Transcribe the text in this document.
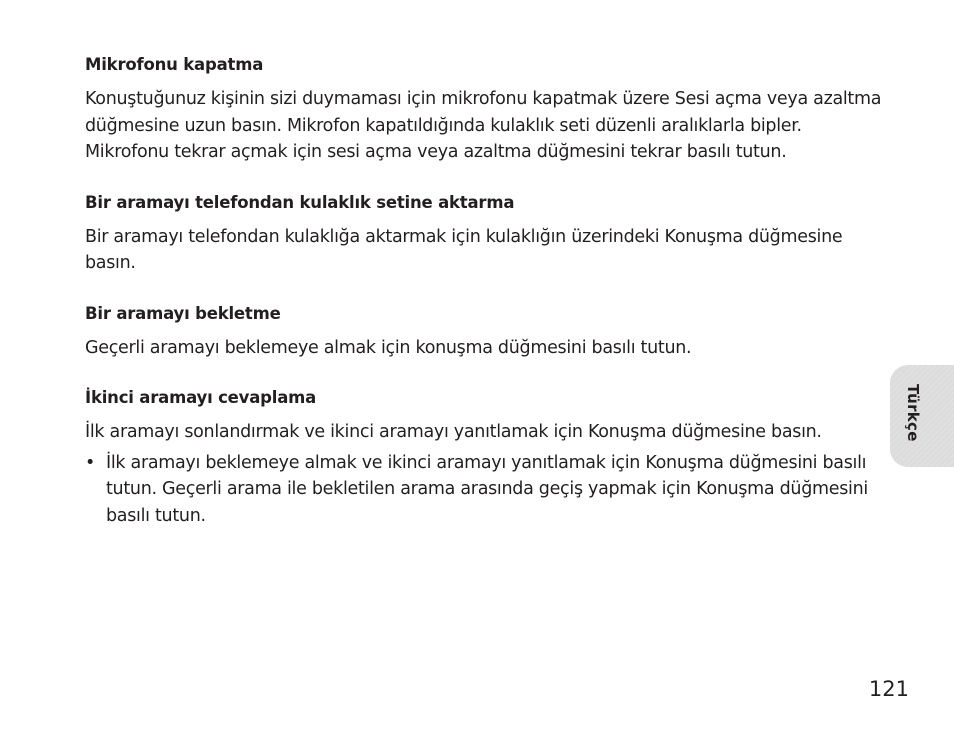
Mikrofonu kapatma

Konuştuğunuz kişinin sizi duymaması için mikrofonu kapatmak üzere Sesi açma veya azaltma düğmesine uzun basın. Mikrofon kapatıldığında kulaklık seti düzenli aralıklarla bipler. Mikrofonu tekrar açmak için sesi açma veya azaltma düğmesini tekrar basılı tutun.

Bir aramayı telefondan kulaklık setine aktarma

Bir aramayı telefondan kulaklığa aktarmak için kulaklığın üzerindeki Konuşma düğmesine basın.

Bir aramayı bekletme

Geçerli aramayı beklemeye almak için konuşma düğmesini basılı tutun.

İkinci aramayı cevaplama

İlk aramayı sonlandırmak ve ikinci aramayı yanıtlamak için Konuşma düğmesine basın.

• İlk aramayı beklemeye almak ve ikinci aramayı yanıtlamak için Konuşma düğmesini basılı tutun. Geçerli arama ile bekletilen arama arasında geçiş yapmak için Konuşma düğmesini basılı tutun.
Türkçe
121
